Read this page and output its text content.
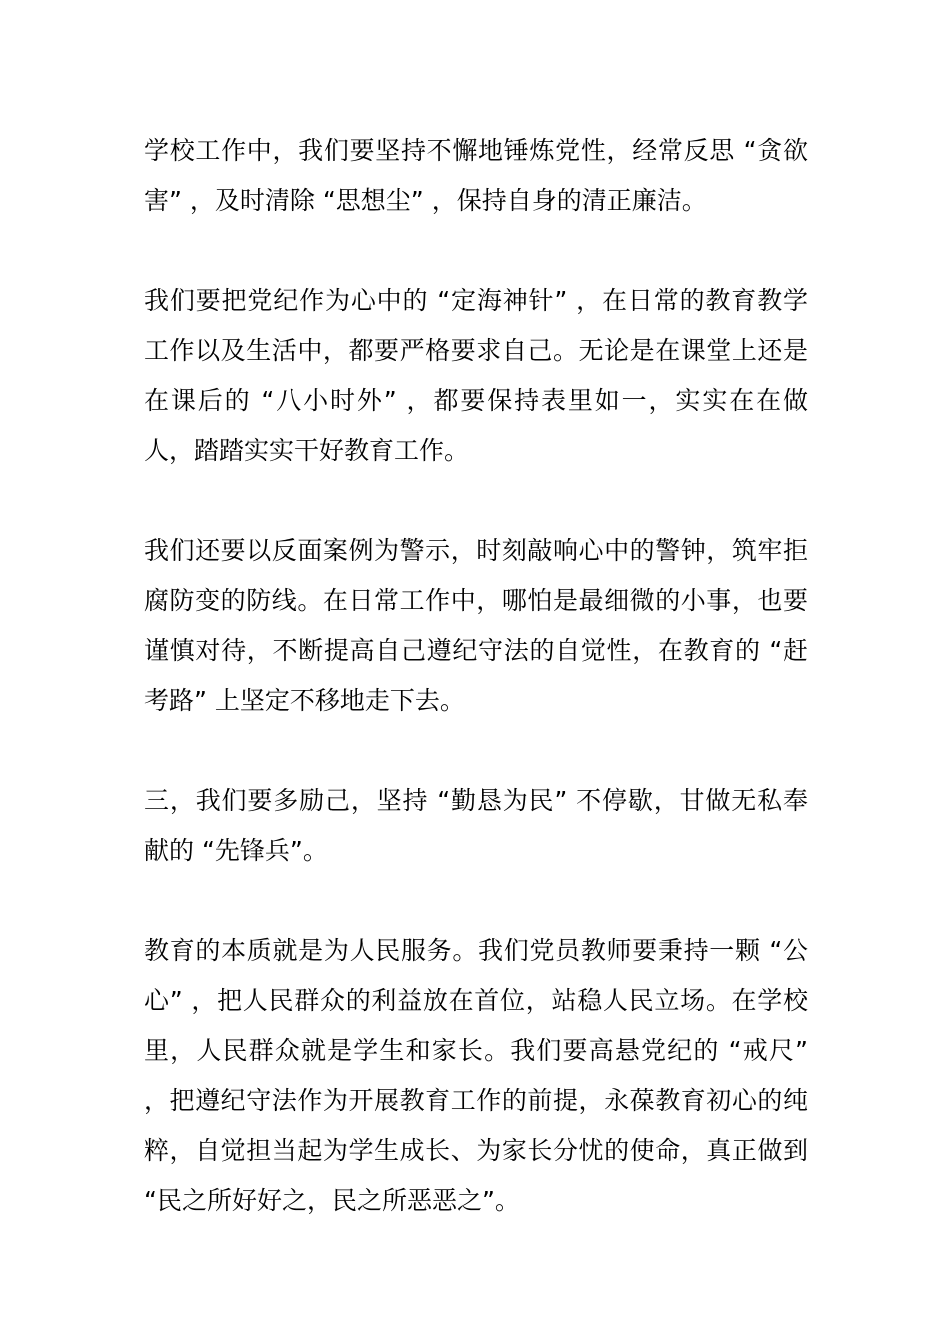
学校工作中，我们要坚持不懈地锤炼党性，经常反思 “贪欲害” ，及时清除 “思想尘” ，保持自身的清正廉洁。

我们要把党纪作为心中的 “定海神针” ，在日常的教育教学工作以及生活中，都要严格要求自己。无论是在课堂上还是在课后的 “八小时外” ，都要保持表里如一，实实在在做人，踏踏实实干好教育工作。

我们还要以反面案例为警示，时刻敲响心中的警钟，筑牢拒腐防变的防线。在日常工作中，哪怕是最细微的小事，也要谨慎对待，不断提高自己遵纪守法的自觉性，在教育的 “赶考路” 上坚定不移地走下去。

三，我们要多励己，坚持 “勤恳为民” 不停歇，甘做无私奉献的 “先锋兵”。

教育的本质就是为人民服务。我们党员教师要秉持一颗 “公心” ，把人民群众的利益放在首位，站稳人民立场。在学校里，人民群众就是学生和家长。我们要高悬党纪的 “戒尺” ，把遵纪守法作为开展教育工作的前提，永葆教育初心的纯粹，自觉担当起为学生成长、为家长分忧的使命，真正做到 “民之所好好之，民之所恶恶之”。
